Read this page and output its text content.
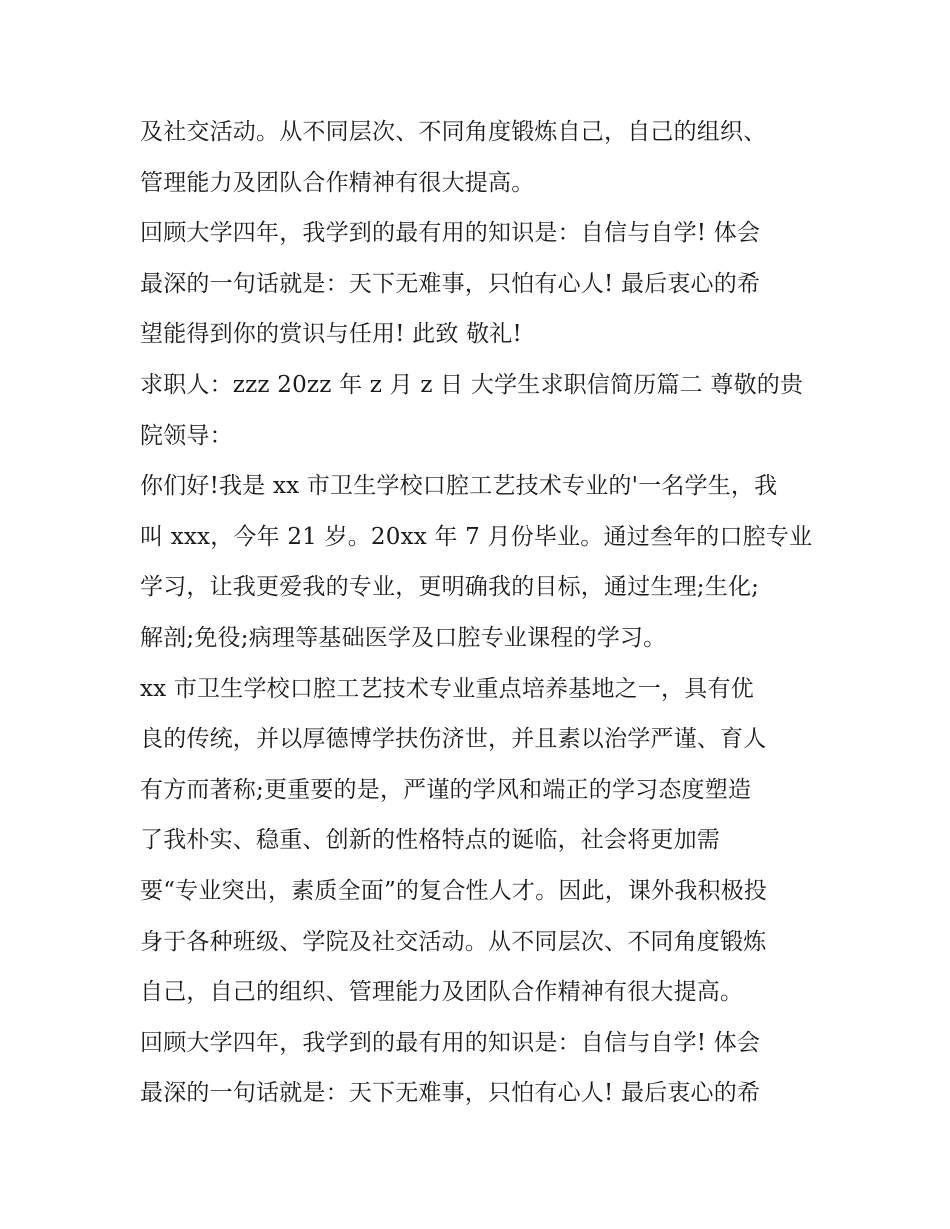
及社交活动。从不同层次、不同角度锻炼自己，自己的组织、
管理能力及团队合作精神有很大提高。
回顾大学四年，我学到的最有用的知识是：自信与自学! 体会
最深的一句话就是：天下无难事，只怕有心人! 最后衷心的希
望能得到你的赏识与任用! 此致 敬礼!
求职人：zzz 20zz 年 z 月 z 日 大学生求职信简历篇二 尊敬的贵
院领导：
你们好!我是 xx 市卫生学校口腔工艺技术专业的'一名学生，我
叫 xxx，今年 21 岁。20xx 年 7 月份毕业。通过叁年的口腔专业
学习，让我更爱我的专业，更明确我的目标，通过生理;生化;
解剖;免役;病理等基础医学及口腔专业课程的学习。
xx 市卫生学校口腔工艺技术专业重点培养基地之一，具有优
良的传统，并以厚德博学扶伤济世，并且素以治学严谨、育人
有方而著称;更重要的是，严谨的学风和端正的学习态度塑造
了我朴实、稳重、创新的性格特点的诞临，社会将更加需
要“专业突出，素质全面”的复合性人才。因此，课外我积极投
身于各种班级、学院及社交活动。从不同层次、不同角度锻炼
自己，自己的组织、管理能力及团队合作精神有很大提高。
回顾大学四年，我学到的最有用的知识是：自信与自学! 体会
最深的一句话就是：天下无难事，只怕有心人! 最后衷心的希
